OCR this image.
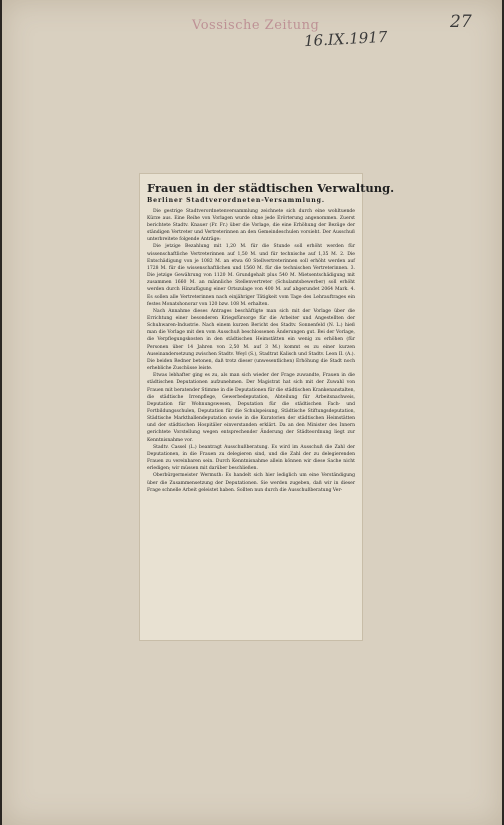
Vossische Zeitung
16.IX.1917
27
Frauen in der städtischen Verwaltung.
Berliner Stadtverordneten-Versammlung.

Die gestrige Stadtverordnetenversammlung zeichnete sich durch eine wohltuende Kürze aus. Eine Reihe von Vorlagen wurde ohne jede Erörterung angenommen. Zuerst berichtete Stadtv. Knauer (Fr. Fr.) über die Vorlage, die eine Erhöhung der Bezüge der ständigen Vertreter und Vertreterinnen an den Gemeindeschulen vorsieht. Der Ausschuß unterbreitete folgende Anträge:

Die jetzige Bezahlung mit 1,20 M. für die Stunde soll erhöht werden für wissenschaftliche Vertreterinnen auf 1,50 M. und für technische auf 1,35 M. 2. Die Entschädigung von je 1082 M. an etwa 60 Stellvertreterinnen soll erhöht werden auf 1728 M. für die wissenschaftlichen und 1560 M. für die technischen Vertreterinnen. 3. Die jetzige Gewährung von 1120 M. Grundgehalt plus 540 M. Mietsentschädigung mit zusammen 1660 M. an männliche Stellenvertreter (Schulamtsbewerber) soll erhöht werden durch Hinzufügung einer Ortszulage von 400 M. auf abgerundet 2064 Mark. 4. Es sollen alle Vertreterinnen nach einjähriger Tätigkeit vom Tage des Lehrauftrages ein festes Monatshonorar von 120 bzw. 108 M. erhalten.

Nach Annahme dieses Antrages beschäftigte man sich mit der Vorlage über die Errichtung einer besonderen Kriegsfürsorge für die Arbeiter und Angestellten der Schuhwaren-Industrie. Nach einem kurzen Bericht des Stadtv. Sonnenfeld (N. L.) hieß man die Vorlage mit den vom Ausschuß beschlossenen Änderungen gut. Bei der Vorlage, die Verpflegungskosten in den städtischen Heimstätten ein wenig zu erhöhen (für Personen über 14 Jahren von 2,50 M. auf 3 M.) kommt es zu einer kurzen Auseinandersetzung zwischen Stadtv. Weyl (S.), Stadtrat Kalisch und Stadtv. Leon II. (A.). Die beiden Redner betonen, daß trotz dieser (unwesentlichen) Erhöhung die Stadt noch erhebliche Zuschüsse leiste.

Etwas lebhafter ging es zu, als man sich wieder der Frage zuwandte, Frauen in die städtischen Deputationen aufzunehmen. Der Magistrat hat sich mit der Zuwahl von Frauen mit beratender Stimme in die Deputationen für die städtischen Krankenanstalten, die städtische Irrenpflege, Gewerbedeputation, Abteilung für Arbeitsnachweis, Deputation für Wohnungswesen, Deputation für die städtischen Fach- und Fortbildungsschulen, Deputation für die Schulspeisung, Städtische Stiftungsdeputation, Städtische Markthallendeputation sowie in die Kuratorien der städtischen Heimstätten und der städtischen Hospitäler einverstanden erklärt. Da an den Minister des Innern gerichtete Vorstellung wegen entsprechender Änderung der Städteordnung liegt zur Kenntnisnahme vor.

Stadtv. Cassel (L.) beantragt Ausschußberatung. Es wird im Ausschuß die Zahl der Deputationen, in die Frauen zu delegieren sind, und die Zahl der zu delegierenden Frauen zu vereinbaren sein. Durch Kenntnisnahme allein können wir diese Sache nicht erledigen; wir müssen mit darüber beschließen.

Oberbürgermeister Wermuth: Es handelt sich hier lediglich um eine Verständigung über die Zusammensetzung der Deputationen. Sie werden zugeben, daß wir in dieser Frage schnelle Arbeit geleistet haben. Sollten nun durch die Ausschußberatung Ver-
